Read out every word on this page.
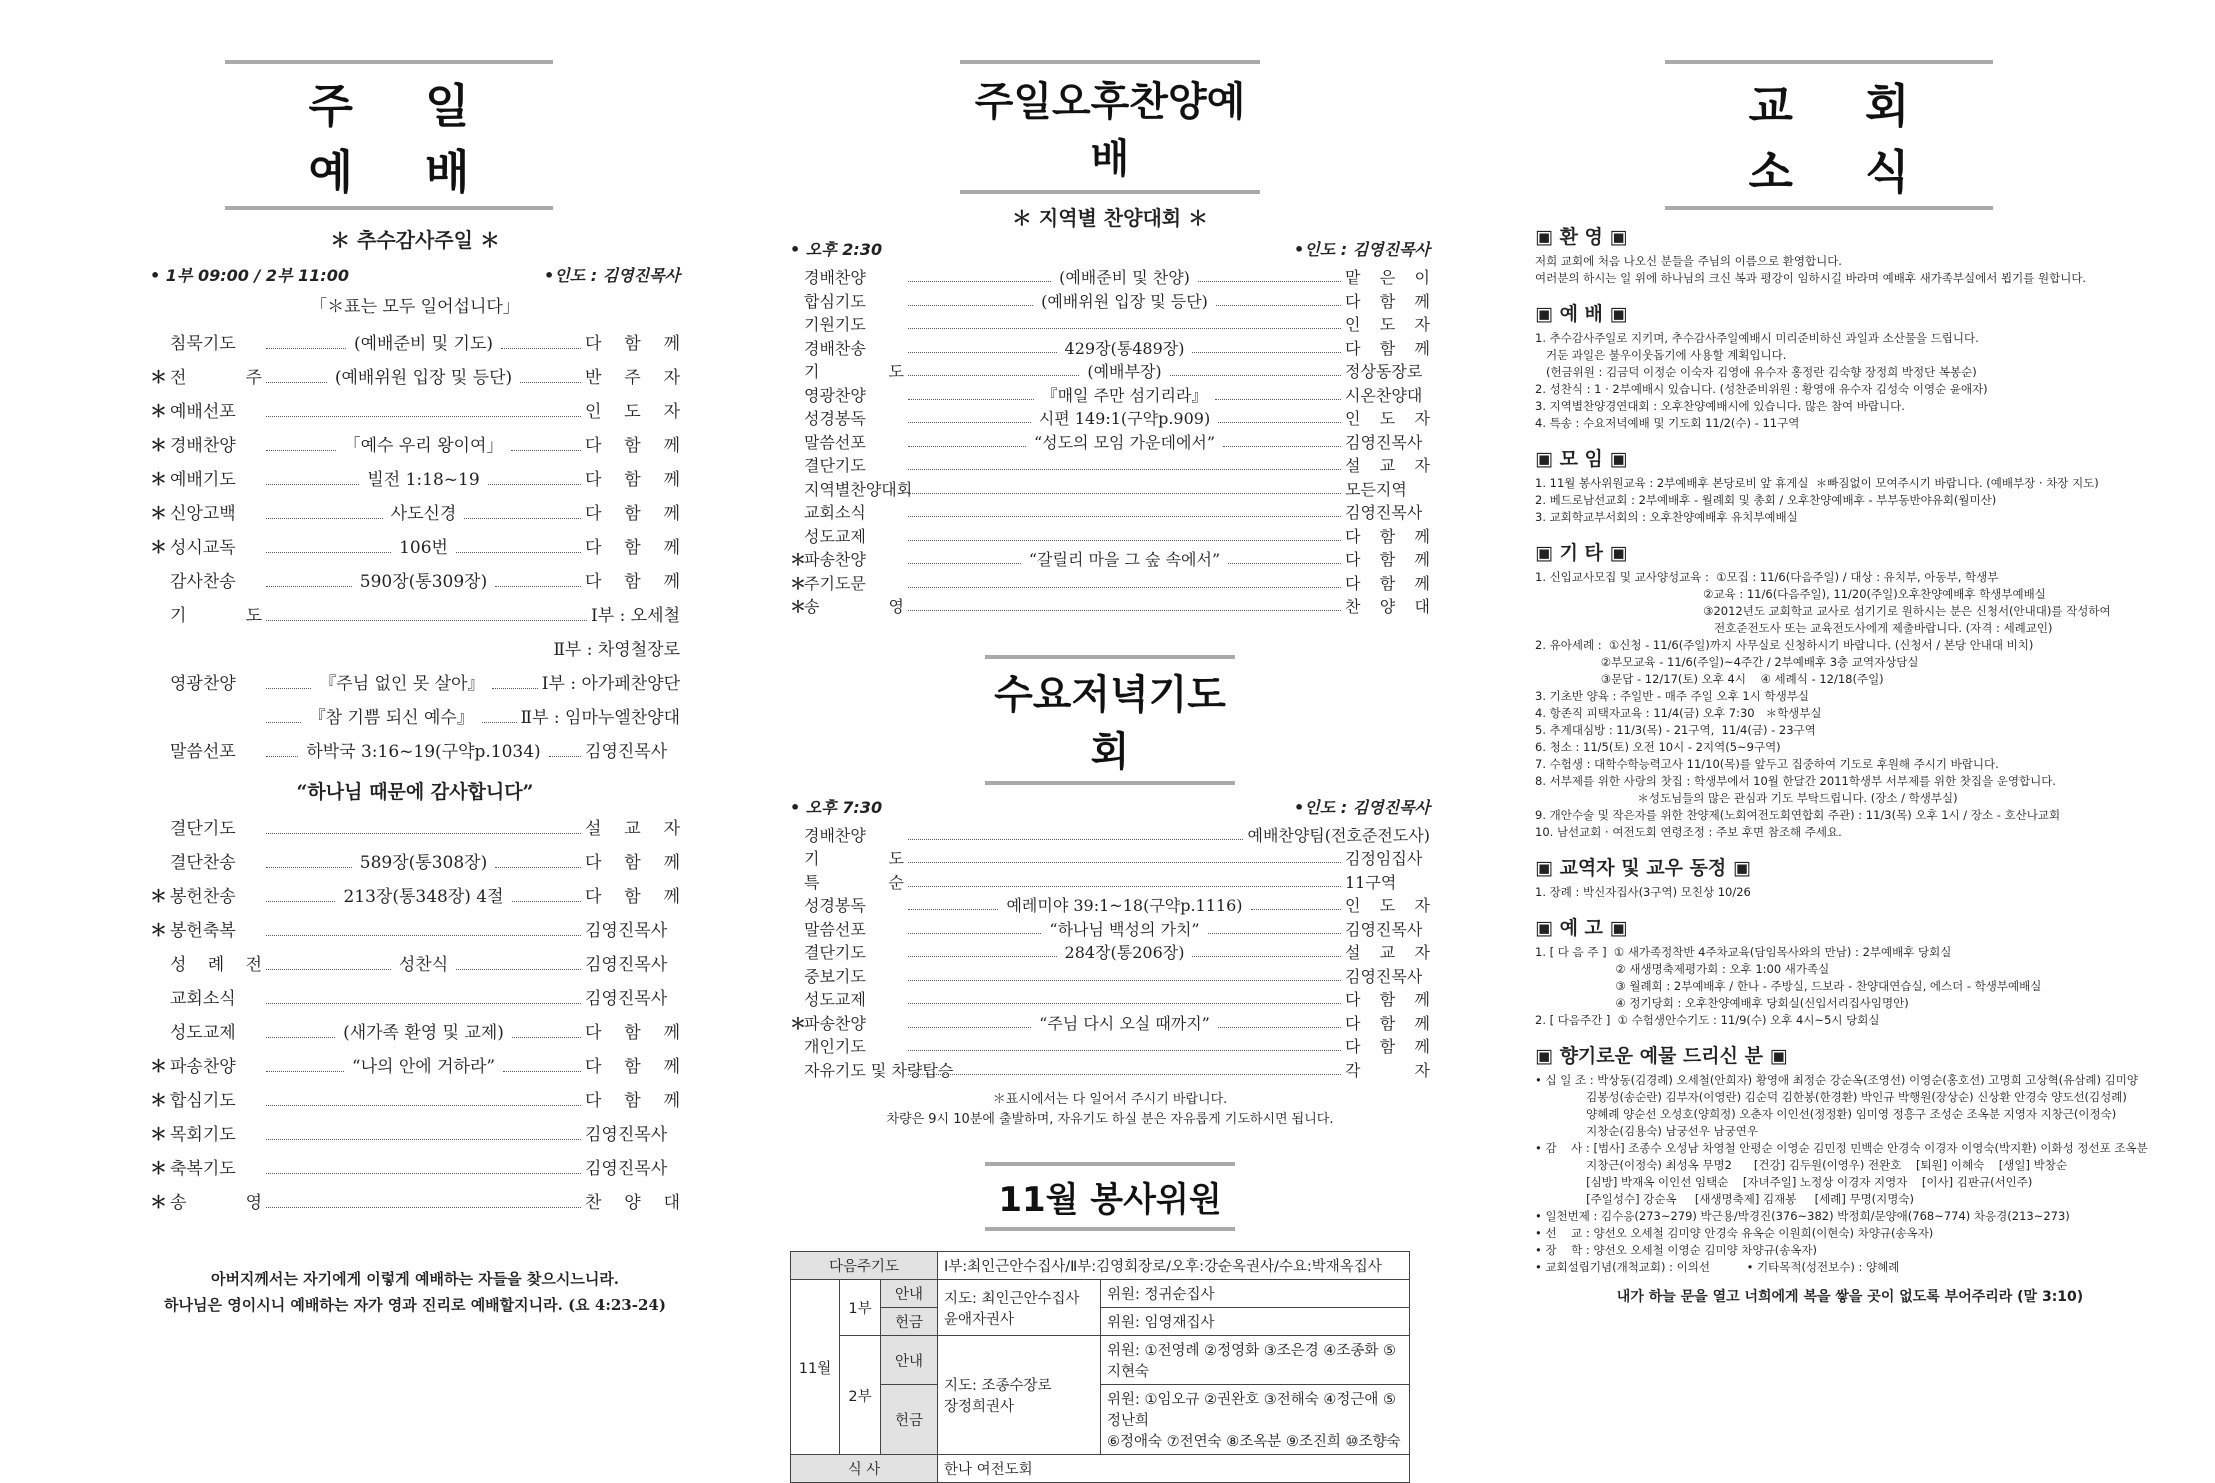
주 일 예 배
＊ 추수감사주일 ＊
• 1부 09:00 / 2부 11:00	•인도 : 김영진목사
「＊표는 모두 일어섭니다」
침묵기도	(예배준비 및 기도)	다 함 께
＊ 전 주	(예배위원 입장 및 등단)	반 주 자
＊ 예배선포	인 도 자
＊ 경배찬양	「예수 우리 왕이여」	다 함 께
＊ 예배기도	빌전 1:18~19	다 함 께
＊ 신앙고백	사도신경	다 함 께
＊ 성시교독	106번	다 함 께
감사찬송	590장(통309장)	다 함 께
기 도	Ⅰ부 : 오세철
Ⅱ부 : 차영철장로
영광찬양	『주님 없인 못 살아』	Ⅰ부 : 아가페찬양단
『참 기쁨 되신 예수』	Ⅱ부 : 임마누엘찬양대
말씀선포	하박국 3:16~19(구약p.1034)	김영진목사
“하나님 때문에 감사합니다”
결단기도	설 교 자
결단찬송	589장(통308장)	다 함 께
＊ 봉헌찬송	213장(통348장) 4절	다 함 께
＊ 봉헌축복	김영진목사
성 례 전	성찬식	김영진목사
교회소식	김영진목사
성도교제	(새가족 환영 및 교제)	다 함 께
＊ 파송찬양	“나의 안에 거하라”	다 함 께
＊ 합심기도	다 함 께
＊ 목회기도	김영진목사
＊ 축복기도	김영진목사
＊ 송 영	찬 양 대
아버지께서는 자기에게 이렇게 예배하는 자들을 찾으시느니라.
하나님은 영이시니 예배하는 자가 영과 진리로 예배할지니라. (요 4:23-24)
주일오후찬양예배
＊ 지역별 찬양대회 ＊
• 오후 2:30	•인도 : 김영진목사
경배찬양	(예배준비 및 찬양)	맡 은 이
합심기도	(예배위원 입장 및 등단)	다 함 께
기원기도	인 도 자
경배찬송	429장(통489장)	다 함 께
기 도	(예배부장)	정상동장로
영광찬양	『매일 주만 섬기리라』	시온찬양대
성경봉독	시편 149:1(구약p.909)	인 도 자
말씀선포	“성도의 모임 가운데에서”	김영진목사
결단기도	설 교 자
지역별찬양대회	모든지역
교회소식	김영진목사
성도교제	다 함 께
＊
파송찬양	“갈릴리 마을 그 숲 속에서”	다 함 께
＊
주기도문	다 함 께
＊
송 영	찬 양 대
수요저녁기도회
• 오후 7:30	•인도 : 김영진목사
경배찬양	예배찬양팀(전호준전도사)
기 도	김정임집사
특 순	11구역
성경봉독	예레미야 39:1~18(구약p.1116)	인 도 자
말씀선포	“하나님 백성의 가치”	김영진목사
결단기도	284장(통206장)	설 교 자
중보기도	김영진목사
성도교제	다 함 께
＊
파송찬양	“주님 다시 오실 때까지”	다 함 께
개인기도	다 함 께
자유기도 및 차량탑승	각 자
＊표시에서는 다 일어서 주시기 바랍니다.
차량은 9시 10분에 출발하며, 자유기도 하실 분은 자유롭게 기도하시면 됩니다.
11월 봉사위원
다음주기도			Ⅰ부:최인근안수집사/Ⅱ부:김영회장로/오후:강순옥권사/수요:박재옥집사	
11월	1부	안내	지도: 최인근안수집사
윤애자권사	위원: 정귀순집사
		헌금		위원: 임영재집사
	2부	안내	지도: 조종수장로
장정희권사	위원: ①전영례 ②정영화 ③조은경 ④조종화 ⑤지현숙
		헌금		위원: ①임오규 ②권완호 ③전해숙 ④정근애 ⑤정난희
⑥정애숙 ⑦전연숙 ⑧조옥분 ⑨조진희 ⑩조향숙
식 사			한나 여전도회	
교 회 소 식
▣ 환 영 ▣
저희 교회에 처음 나오신 분들을 주님의 이름으로 환영합니다.
여러분의 하시는 일 위에 하나님의 크신 복과 평강이 임하시길 바라며 예배후 새가족부실에서 뵙기를 원합니다.
▣ 예 배 ▣
1. 추수감사주일로 지키며, 추수감사주일예배시 미리준비하신 과일과 소산물을 드립니다.
거둔 과일은 불우이웃돕기에 사용할 계획입니다.
(헌금위원 : 김금덕 이정순 이숙자 김영애 유수자 홍정란 김숙향 장정희 박정단 복봉순)
2. 성찬식 : 1 · 2부예배시 있습니다. (성찬준비위원 : 황영애 유수자 김성숙 이영순 윤애자)
3. 지역별찬양경연대회 : 오후찬양예배시에 있습니다. 많은 참여 바랍니다.
4. 특송 : 수요저녁예배 및 기도회 11/2(수) - 11구역
▣ 모 임 ▣
1. 11월 봉사위원교육 : 2부예배후 본당로비 앞 휴게실  ＊빠짐없이 모여주시기 바랍니다. (예배부장 · 차장 지도)
2. 베드로남선교회 : 2부예배후 - 월례회 및 총회 / 오후찬양예배후 - 부부동반야유회(월미산)
3. 교회학교부서회의 : 오후찬양예배후 유치부예배실
▣ 기 타 ▣
1. 신입교사모집 및 교사양성교육 :  ①모집 : 11/6(다음주일) / 대상 : 유치부, 아동부, 학생부
②교육 : 11/6(다음주일), 11/20(주일)오후찬양예배후 학생부예배실
③2012년도 교회학교 교사로 섬기기로 원하시는 분은 신청서(안내대)를 작성하여
전호준전도사 또는 교육전도사에게 제출바랍니다. (자격 : 세례교인)
2. 유아세례 :  ①신청 - 11/6(주일)까지 사무실로 신청하시기 바랍니다. (신청서 / 본당 안내대 비치)
②부모교육 - 11/6(주일)~4주간 / 2부예배후 3층 교역자상담실
③문답 - 12/17(토) 오후 4시    ④ 세례식 - 12/18(주일)
3. 기초반 양육 : 주일반 - 매주 주일 오후 1시 학생부실
4. 항존직 피택자교육 : 11/4(금) 오후 7:30   ＊학생부실
5. 추계대심방 : 11/3(목) - 21구역,  11/4(금) - 23구역
6. 청소 : 11/5(토) 오전 10시 - 2지역(5~9구역)
7. 수험생 : 대학수학능력고사 11/10(목)를 앞두고 집중하여 기도로 후원해 주시기 바랍니다.
8. 서부제를 위한 사랑의 찻집 : 학생부에서 10월 한달간 2011학생부 서부제를 위한 찻집을 운영합니다.
＊성도님들의 많은 관심과 기도 부탁드립니다. (장소 / 학생부실)
9. 개안수술 및 작은자를 위한 찬양제(노회여전도회연합회 주관) : 11/3(목) 오후 1시 / 장소 - 호산나교회
10. 남선교회 · 여전도회 연령조정 : 주보 후면 참조해 주세요.
▣ 교역자 및 교우 동정 ▣
1. 장례 : 박신자집사(3구역) 모친상 10/26
▣ 예 고 ▣
1. [ 다 음 주 ]  ① 새가족정착반 4주차교육(담임목사와의 만남) : 2부예배후 당회실
② 새생명축제평가회 : 오후 1:00 새가족실
③ 월례회 : 2부예배후 / 한나 - 주방실, 드보라 - 찬양대연습실, 에스더 - 학생부예배실
④ 정기당회 : 오후찬양예배후 당회실(신입서리집사임명안)
2. [ 다음주간 ]  ① 수험생안수기도 : 11/9(수) 오후 4시~5시 당회실
▣ 향기로운 예물 드리신 분 ▣
• 십 일 조 : 박상동(김경례) 오세철(안희자) 황영애 최정순 강순옥(조영선) 이영순(홍호선) 고명희 고상혁(유삼례) 김미양
김봉성(송순란) 김부자(이영란) 김순덕 김한봉(한경환) 박인규 박행원(장상순) 신상환 안경숙 양도선(김성례)
양혜례 양순선 오성호(양희정) 오춘자 이인선(정정환) 임미영 정흥구 조성순 조옥분 지영자 지창근(이정숙)
지창순(김용숙) 남궁선우 남궁연우
• 감    사 : [범사] 조종수 오성남 차영철 안평순 이영순 김민정 민백순 안경숙 이경자 이영숙(박지환) 이화성 정선포 조옥분
지창근(이정숙) 최성옥 무명2      [건강] 김두원(이영우) 전완호    [퇴원] 이혜숙    [생일] 박창순
[심방] 박재옥 이인선 임택순    [자녀주일] 노정상 이경자 지영자    [이사] 김판규(서인주)
[주일성수] 강순옥     [새생명축제] 김재봉     [세례] 무명(지명숙)
• 일천번제 : 김수응(273~279) 박근용/박경진(376~382) 박정희/문양애(768~774) 차응경(213~273)
• 선    교 : 양선오 오세철 김미양 안경숙 유옥순 이원희(이현숙) 차양규(송옥자)
• 장    학 : 양선오 오세철 이영순 김미양 차양규(송옥자)
• 교회설립기념(개척교회) : 이의선          • 기타목적(성전보수) : 양혜례
내가 하늘 문을 열고 너희에게 복을 쌓을 곳이 없도록 부어주리라 (말 3:10)
